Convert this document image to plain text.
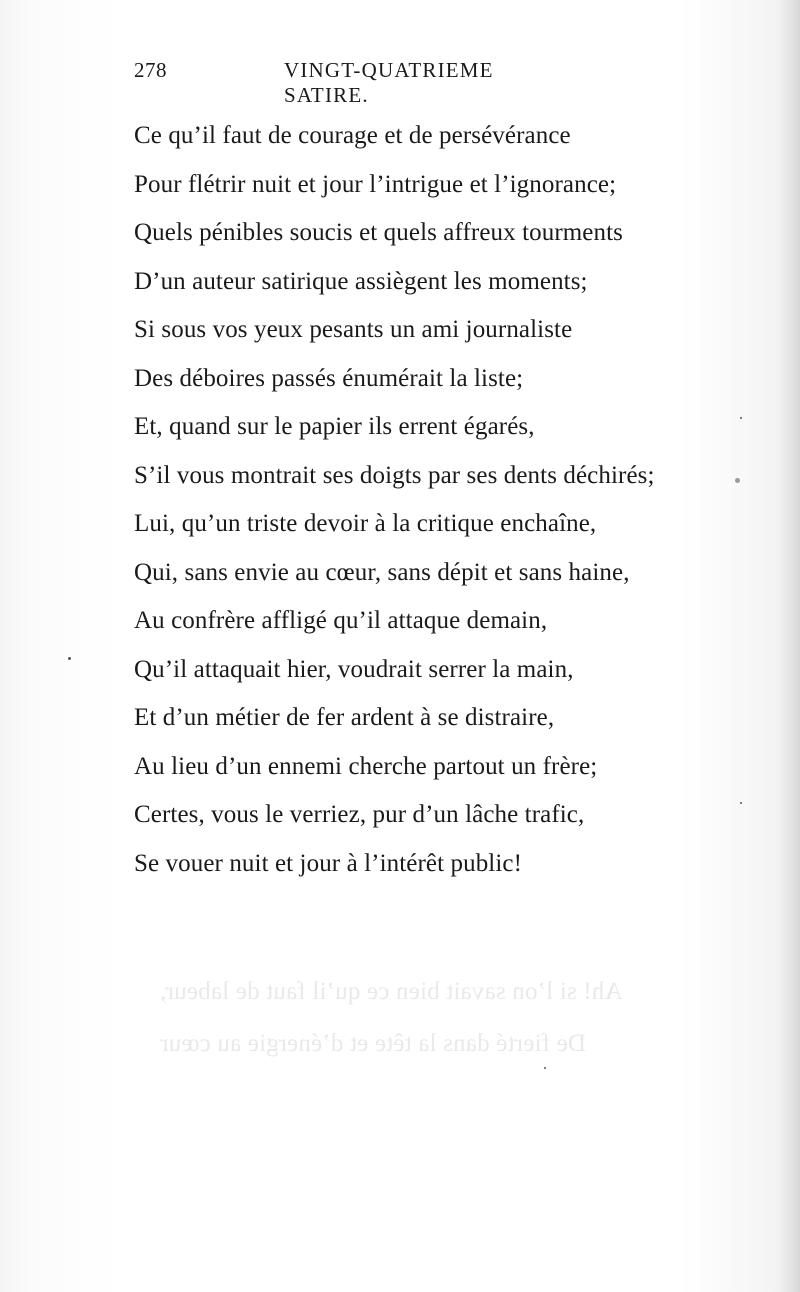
Ah! si l’on savait bien ce qu’il faut de labeur,
De fierté dans la tête et d’énergie au cœur
278	VINGT-QUATRIEME SATIRE.
Ce qu’il faut de courage et de persévérance
Pour flétrir nuit et jour l’intrigue et l’ignorance;
Quels pénibles soucis et quels affreux tourments
D’un auteur satirique assiègent les moments;
Si sous vos yeux pesants un ami journaliste
Des déboires passés énumérait la liste;
Et, quand sur le papier ils errent égarés,
S’il vous montrait ses doigts par ses dents déchirés;
Lui, qu’un triste devoir à la critique enchaîne,
Qui, sans envie au cœur, sans dépit et sans haine,
Au confrère affligé qu’il attaque demain,
Qu’il attaquait hier, voudrait serrer la main,
Et d’un métier de fer ardent à se distraire,
Au lieu d’un ennemi cherche partout un frère;
Certes, vous le verriez, pur d’un lâche trafic,
Se vouer nuit et jour à l’intérêt public!
